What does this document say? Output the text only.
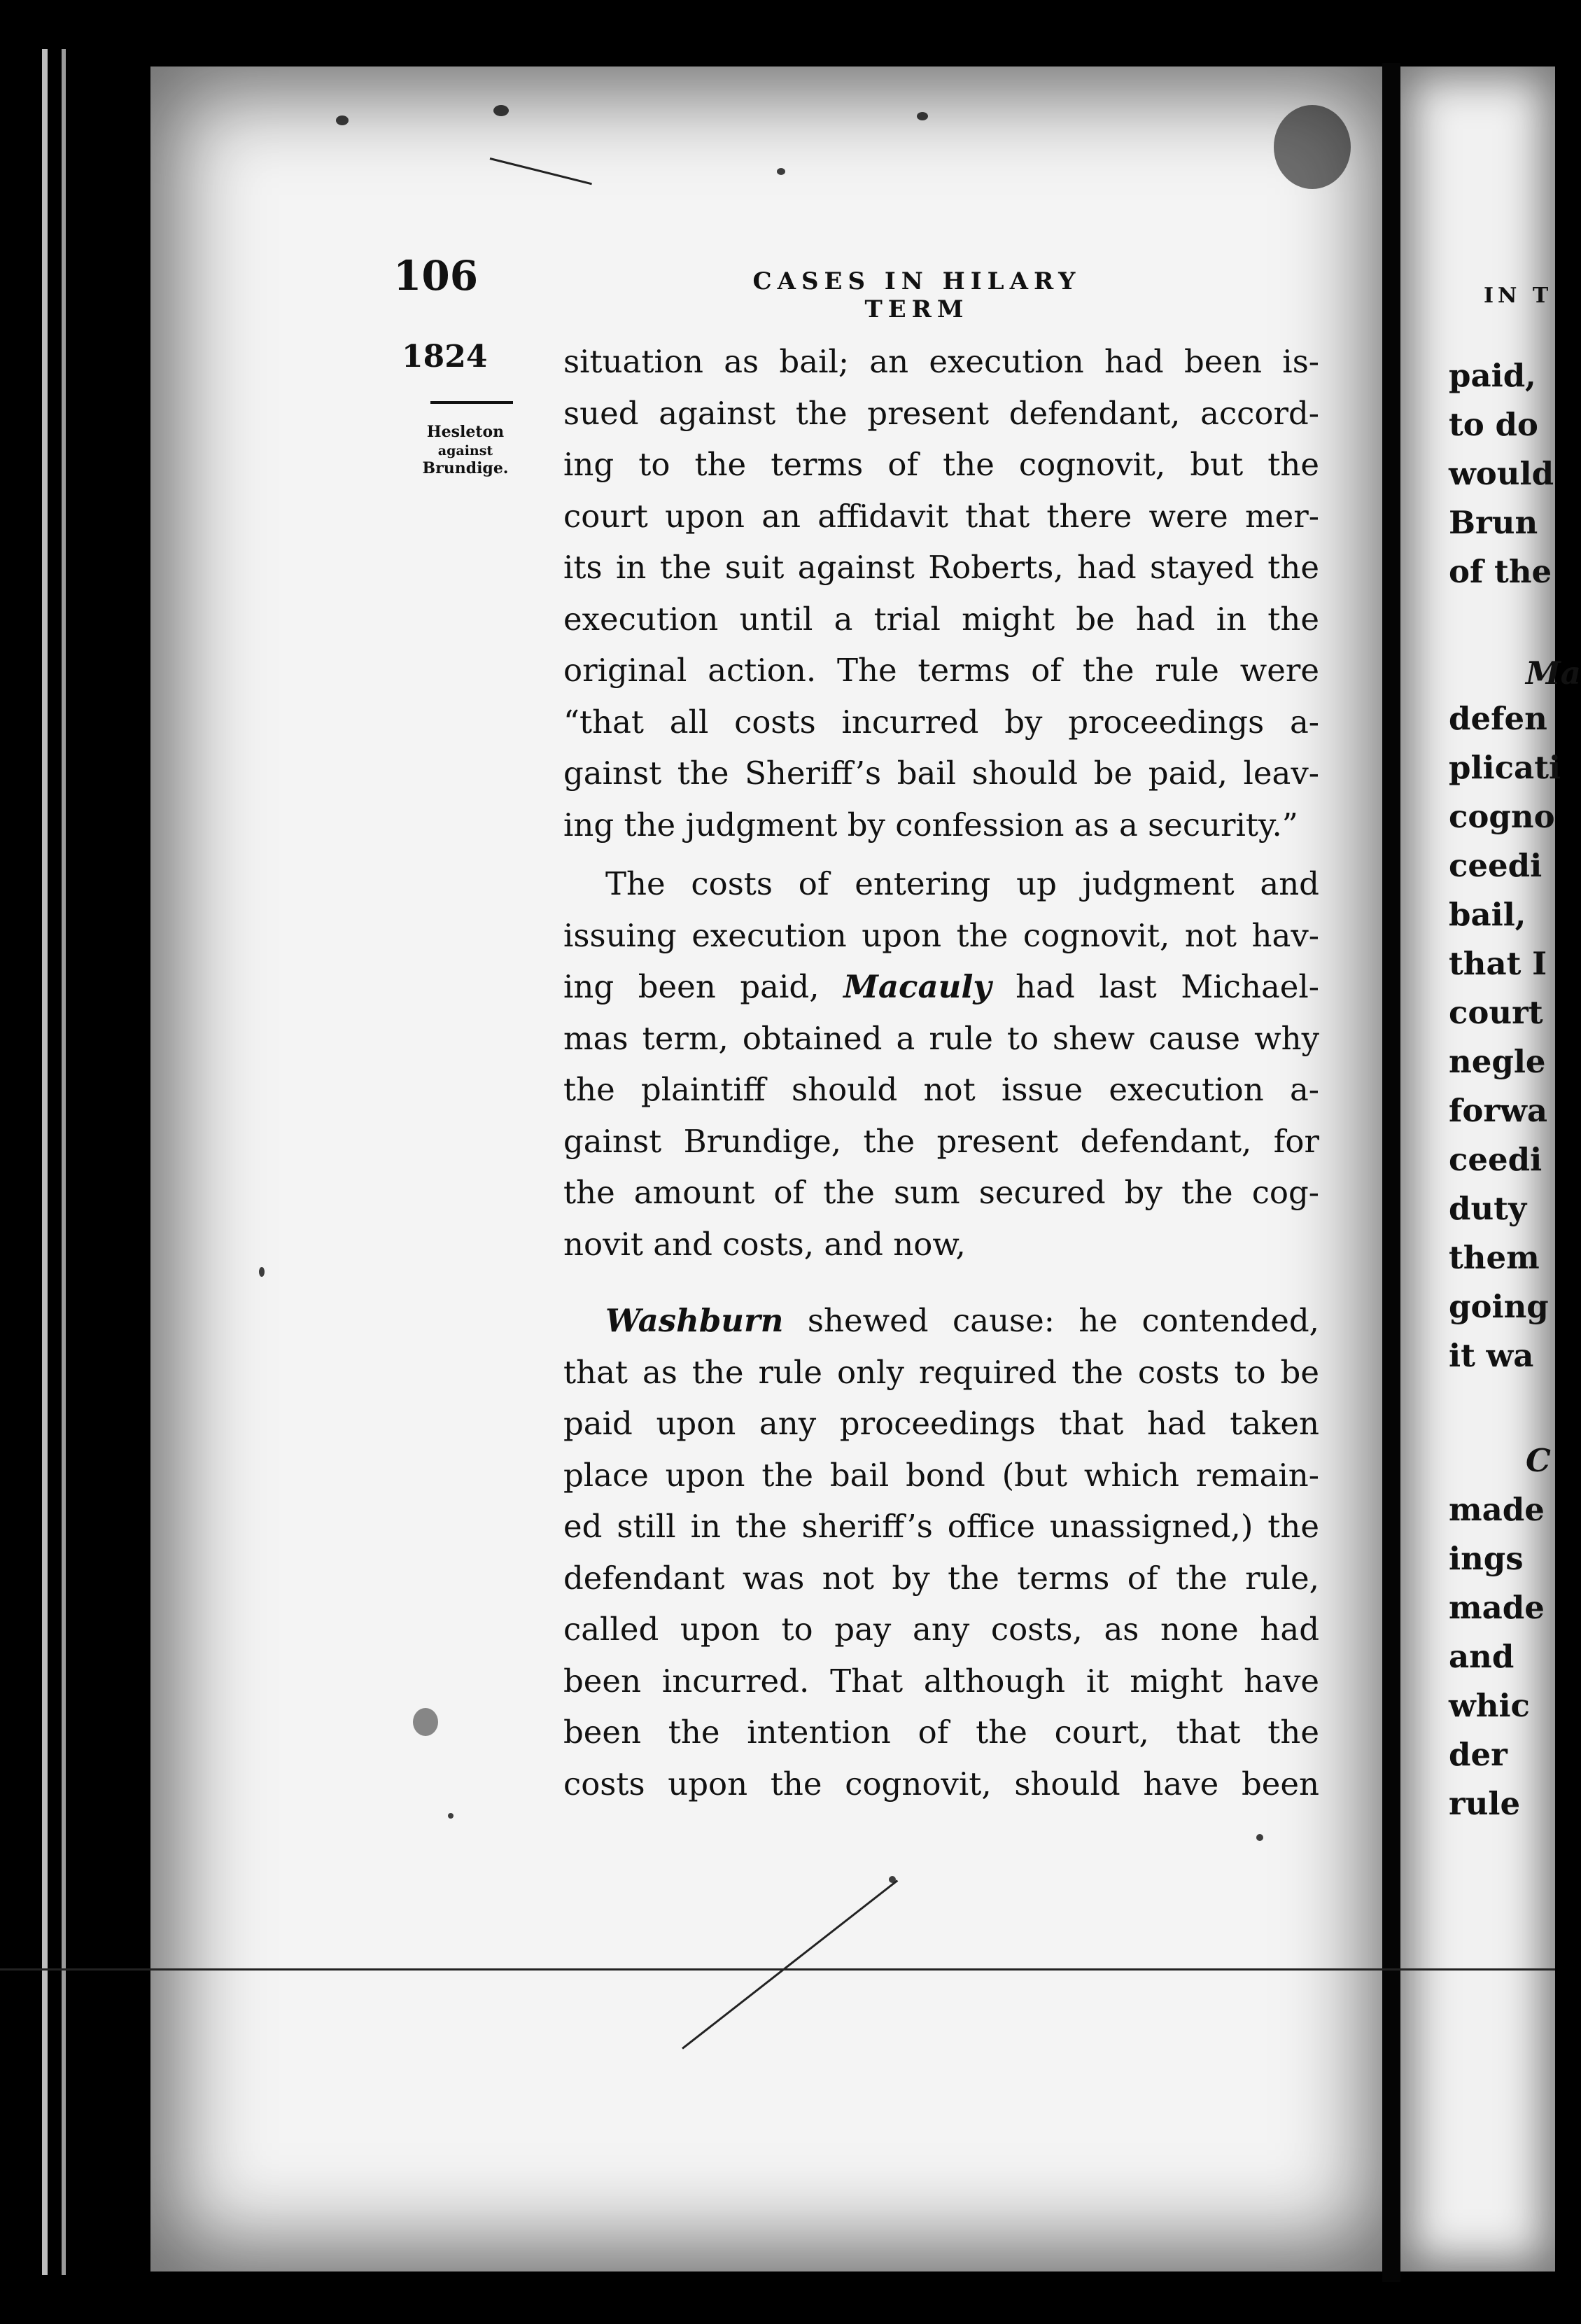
106	CASES IN HILARY TERM
1824
Hesleton
against
Brundige.
situation as bail; an execution had been is-
sued against the present defendant, accord-
ing to the terms of the cognovit, but the
court upon an affidavit that there were mer-
its in the suit against Roberts, had stayed the
execution until a trial might be had in the
original action. The terms of the rule were
“that all costs incurred by proceedings a-
gainst the Sheriff’s bail should be paid, leav-
ing the judgment by confession as a security.”
The costs of entering up judgment and
issuing execution upon the cognovit, not hav-
ing been paid, Macauly had last Michael-
mas term, obtained a rule to shew cause why
the plaintiff should not issue execution a-
gainst Brundige, the present defendant, for
the amount of the sum secured by the cog-
novit and costs, and now,
Washburn shewed cause: he contended,
that as the rule only required the costs to be
paid upon any proceedings that had taken
place upon the bail bond (but which remain-
ed still in the sheriff’s office unassigned,) the
defendant was not by the terms of the rule,
called upon to pay any costs, as none had
been incurred. That although it might have
been the intention of the court, that the
costs upon the cognovit, should have been
IN T
paid,
to do
would
Brun
of the
Ma
defen
plicati
cogno
ceedi
bail,
that I
court
negle
forwa
ceedi
duty
them
going
it wa
C
made
ings
made
and
whic
der
rule
